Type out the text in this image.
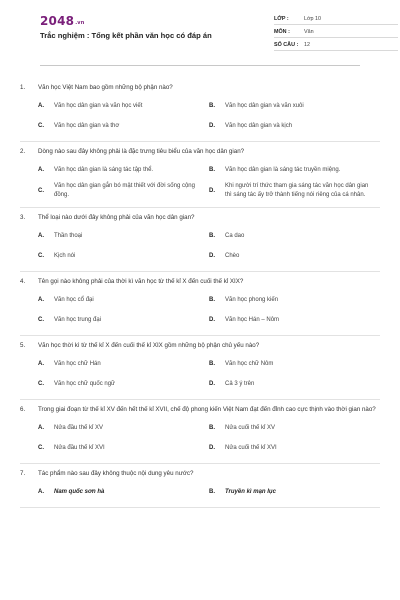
2048.vn
Trắc nghiệm : Tổng kết phần văn học có đáp án
LỚP :	Lớp 10
MÔN :	Văn
SỐ CÂU :	12
1.	Văn học Việt Nam bao gồm những bộ phận nào?
A.	Văn học dân gian và văn học viết	B.	Văn học dân gian và văn xuôi
C.	Văn học dân gian và thơ	D.	Văn học dân gian và kịch
2.	Dòng nào sau đây không phải là đặc trưng tiêu biểu của văn học dân gian?
A.	Văn học dân gian là sáng tác tập thể.	B.	Văn học dân gian là sáng tác truyền miệng.
C.
Văn học dân gian gắn bó mật thiết với đời sống cộng đồng.
D.
Khi người trí thức tham gia sáng tác văn học dân gian thì sáng tác ấy trở thành tiếng nói riêng của cá nhân.
3.	Thể loại nào dưới đây không phải của văn học dân gian?
A.	Thần thoại	B.	Ca dao
C.	Kịch nói	D.	Chèo
4.	Tên gọi nào không phải của thời kì văn học từ thế kỉ X đến cuối thế kỉ XIX?
A.	Văn học cổ đại	B.	Văn học phong kiến
C.	Văn học trung đại	D.	Văn học Hán – Nôm
5.	Văn học thời kì từ thế kỉ X đến cuối thế kỉ XIX gồm những bộ phận chủ yếu nào?
A.	Văn học chữ Hán	B.	Văn học chữ Nôm
C.	Văn học chữ quốc ngữ	D.	Cả 3 ý trên
6.	Trong giai đoạn từ thế kỉ XV đến hết thế kỉ XVII, chế độ phong kiến Việt Nam đạt đến đỉnh cao cực thịnh vào thời gian nào?
A.	Nửa đầu thế kỉ XV	B.	Nửa cuối thế kỉ XV
C.	Nửa đầu thế kỉ XVI	D.	Nửa cuối thế kỉ XVI
7.	Tác phẩm nào sau đây không thuộc nội dung yêu nước?
A.	Nam quốc sơn hà	B.	Truyền kì mạn lục
